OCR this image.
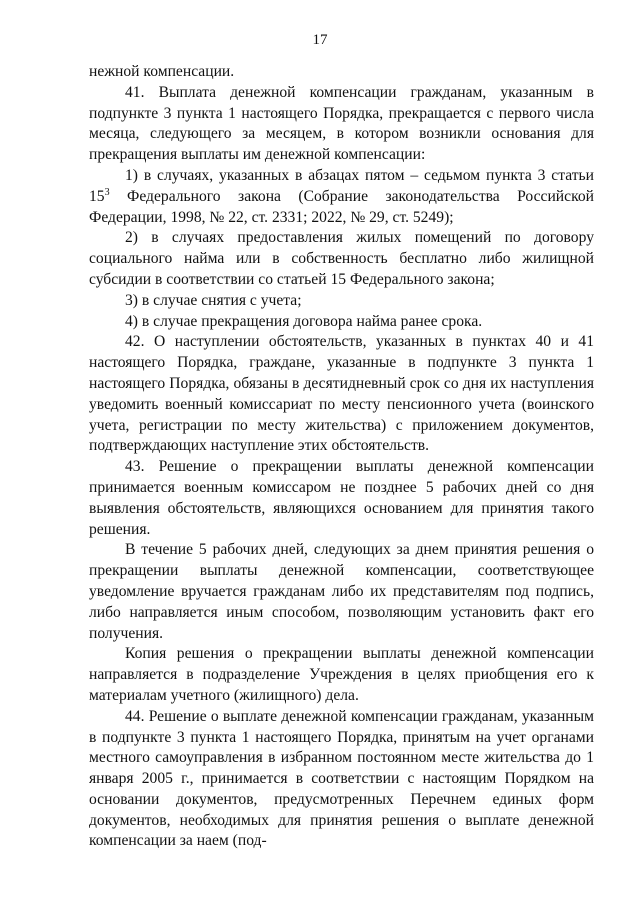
17

нежной компенсации.

41. Выплата денежной компенсации гражданам, указанным в подпункте 3 пункта 1 настоящего Порядка, прекращается с первого числа месяца, следующего за месяцем, в котором возникли основания для прекращения выплаты им денежной компенсации:

1) в случаях, указанных в абзацах пятом – седьмом пункта 3 статьи $15^3$ Федерального закона (Собрание законодательства Российской Федерации, 1998, № 22, ст. 2331; 2022, № 29, ст. 5249);

2) в случаях предоставления жилых помещений по договору социального найма или в собственность бесплатно либо жилищной субсидии в соответствии со статьей 15 Федерального закона;

3) в случае снятия с учета;

4) в случае прекращения договора найма ранее срока.

42. О наступлении обстоятельств, указанных в пунктах 40 и 41 настоящего Порядка, граждане, указанные в подпункте 3 пункта 1 настоящего Порядка, обязаны в десятидневный срок со дня их наступления уведомить военный комиссариат по месту пенсионного учета (воинского учета, регистрации по месту жительства) с приложением документов, подтверждающих наступление этих обстоятельств.

43. Решение о прекращении выплаты денежной компенсации принимается военным комиссаром не позднее 5 рабочих дней со дня выявления обстоятельств, являющихся основанием для принятия такого решения.

В течение 5 рабочих дней, следующих за днем принятия решения о прекращении выплаты денежной компенсации, соответствующее уведомление вручается гражданам либо их представителям под подпись, либо направляется иным способом, позволяющим установить факт его получения.

Копия решения о прекращении выплаты денежной компенсации направляется в подразделение Учреждения в целях приобщения его к материалам учетного (жилищного) дела.

44. Решение о выплате денежной компенсации гражданам, указанным в подпункте 3 пункта 1 настоящего Порядка, принятым на учет органами местного самоуправления в избранном постоянном месте жительства до 1 января 2005 г., принимается в соответствии с настоящим Порядком на основании документов, предусмотренных Перечнем единых форм документов, необходимых для принятия решения о выплате денежной компенсации за наем (под-
